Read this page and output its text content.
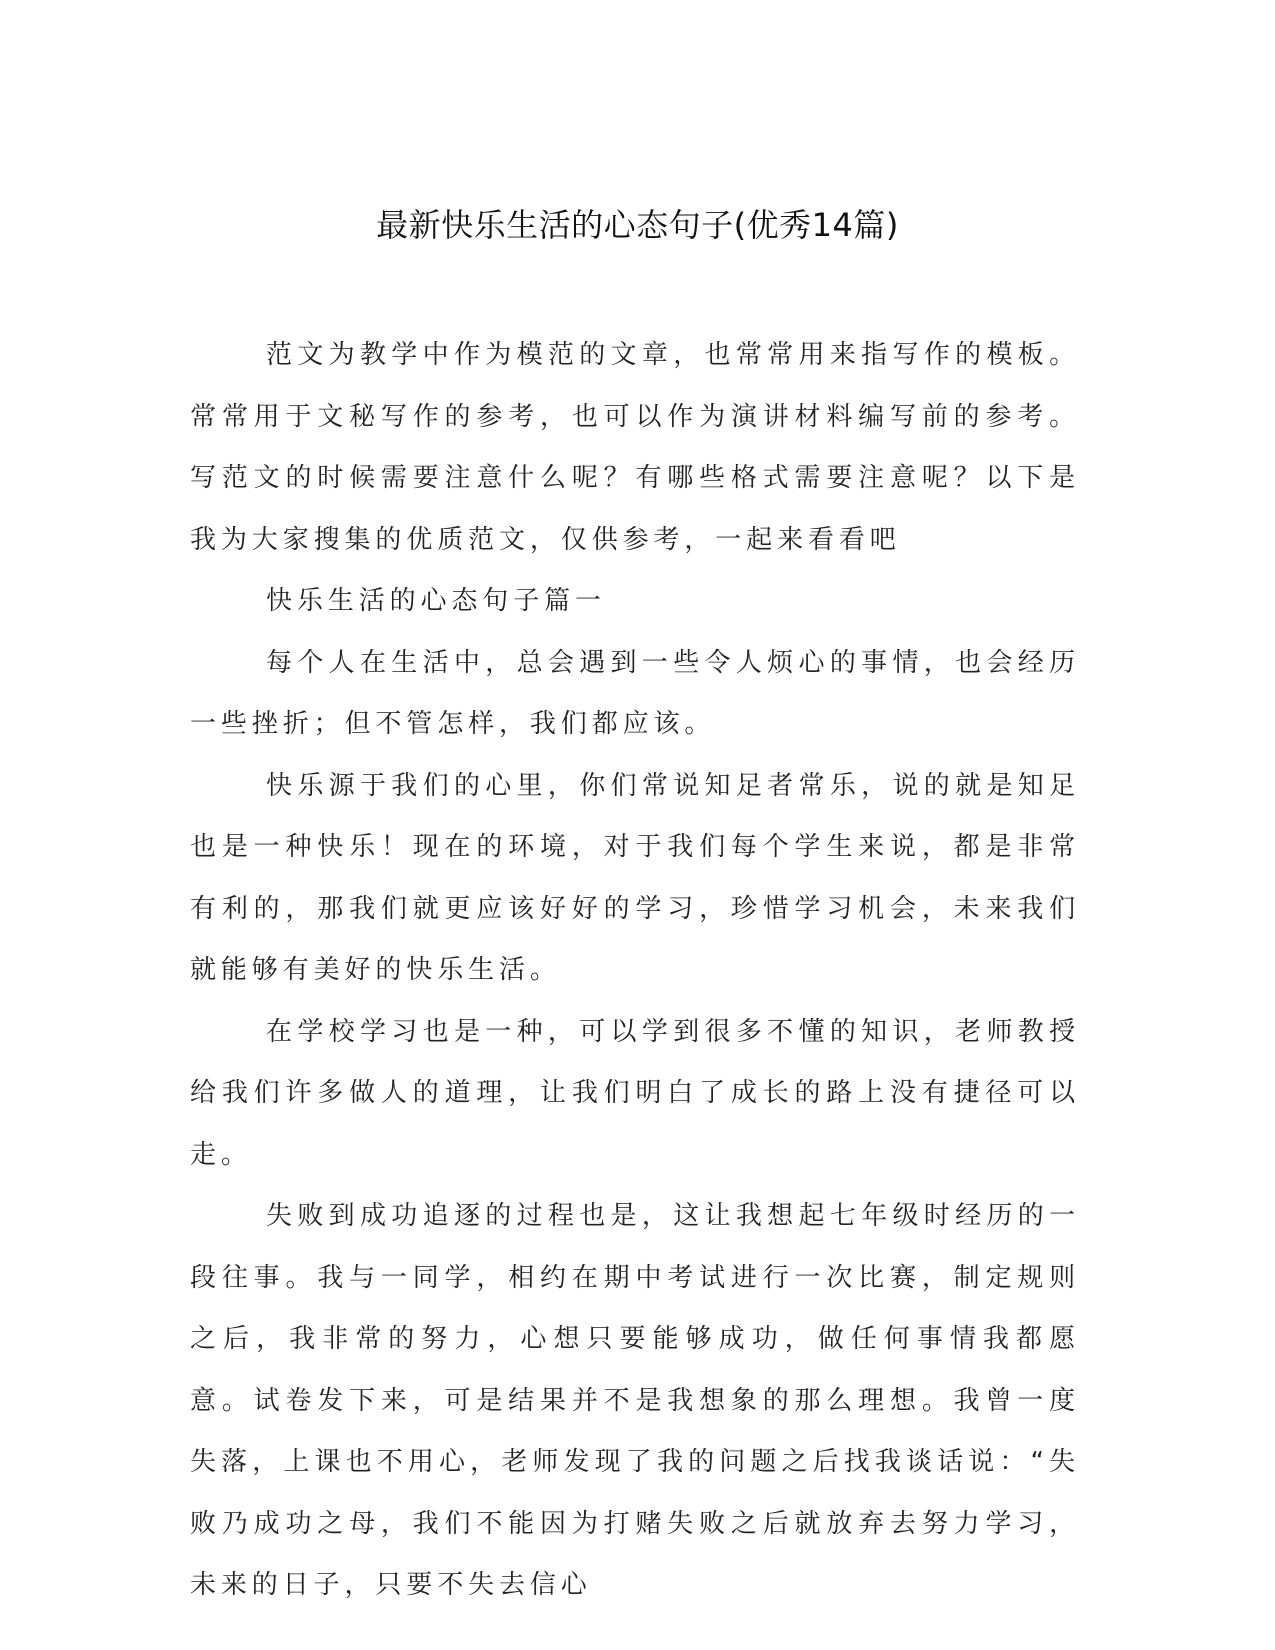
最新快乐生活的心态句子(优秀14篇)

范文为教学中作为模范的文章，也常常用来指写作的模板。常常用于文秘写作的参考，也可以作为演讲材料编写前的参考。写范文的时候需要注意什么呢？有哪些格式需要注意呢？以下是我为大家搜集的优质范文，仅供参考，一起来看看吧

快乐生活的心态句子篇一

每个人在生活中，总会遇到一些令人烦心的事情，也会经历一些挫折；但不管怎样，我们都应该。

快乐源于我们的心里，你们常说知足者常乐，说的就是知足也是一种快乐！现在的环境，对于我们每个学生来说，都是非常有利的，那我们就更应该好好的学习，珍惜学习机会，未来我们就能够有美好的快乐生活。

在学校学习也是一种，可以学到很多不懂的知识，老师教授给我们许多做人的道理，让我们明白了成长的路上没有捷径可以走。

失败到成功追逐的过程也是，这让我想起七年级时经历的一段往事。我与一同学，相约在期中考试进行一次比赛，制定规则之后，我非常的努力，心想只要能够成功，做任何事情我都愿意。试卷发下来，可是结果并不是我想象的那么理想。我曾一度失落，上课也不用心，老师发现了我的问题之后找我谈话说：“失败乃成功之母，我们不能因为打赌失败之后就放弃去努力学习，未来的日子，只要不失去信心
